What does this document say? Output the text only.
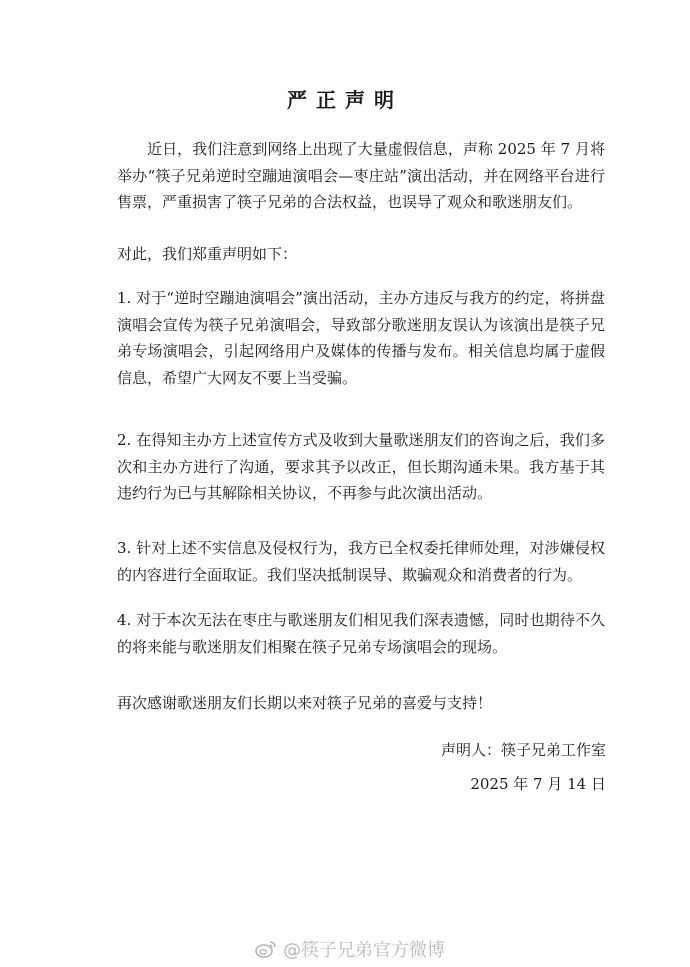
严正声明
近日，我们注意到网络上出现了大量虚假信息，声称 2025 年 7 月将举办“筷子兄弟逆时空蹦迪演唱会—枣庄站”演出活动，并在网络平台进行售票，严重损害了筷子兄弟的合法权益，也误导了观众和歌迷朋友们。
对此，我们郑重声明如下：
1. 对于“逆时空蹦迪演唱会”演出活动，主办方违反与我方的约定，将拼盘演唱会宣传为筷子兄弟演唱会，导致部分歌迷朋友误认为该演出是筷子兄弟专场演唱会，引起网络用户及媒体的传播与发布。相关信息均属于虚假信息，希望广大网友不要上当受骗。
2. 在得知主办方上述宣传方式及收到大量歌迷朋友们的咨询之后，我们多次和主办方进行了沟通，要求其予以改正，但长期沟通未果。我方基于其违约行为已与其解除相关协议，不再参与此次演出活动。
3. 针对上述不实信息及侵权行为，我方已全权委托律师处理，对涉嫌侵权的内容进行全面取证。我们坚决抵制误导、欺骗观众和消费者的行为。
4. 对于本次无法在枣庄与歌迷朋友们相见我们深表遗憾，同时也期待不久的将来能与歌迷朋友们相聚在筷子兄弟专场演唱会的现场。
再次感谢歌迷朋友们长期以来对筷子兄弟的喜爱与支持！
声明人：筷子兄弟工作室
2025 年 7 月 14 日
@筷子兄弟官方微博
